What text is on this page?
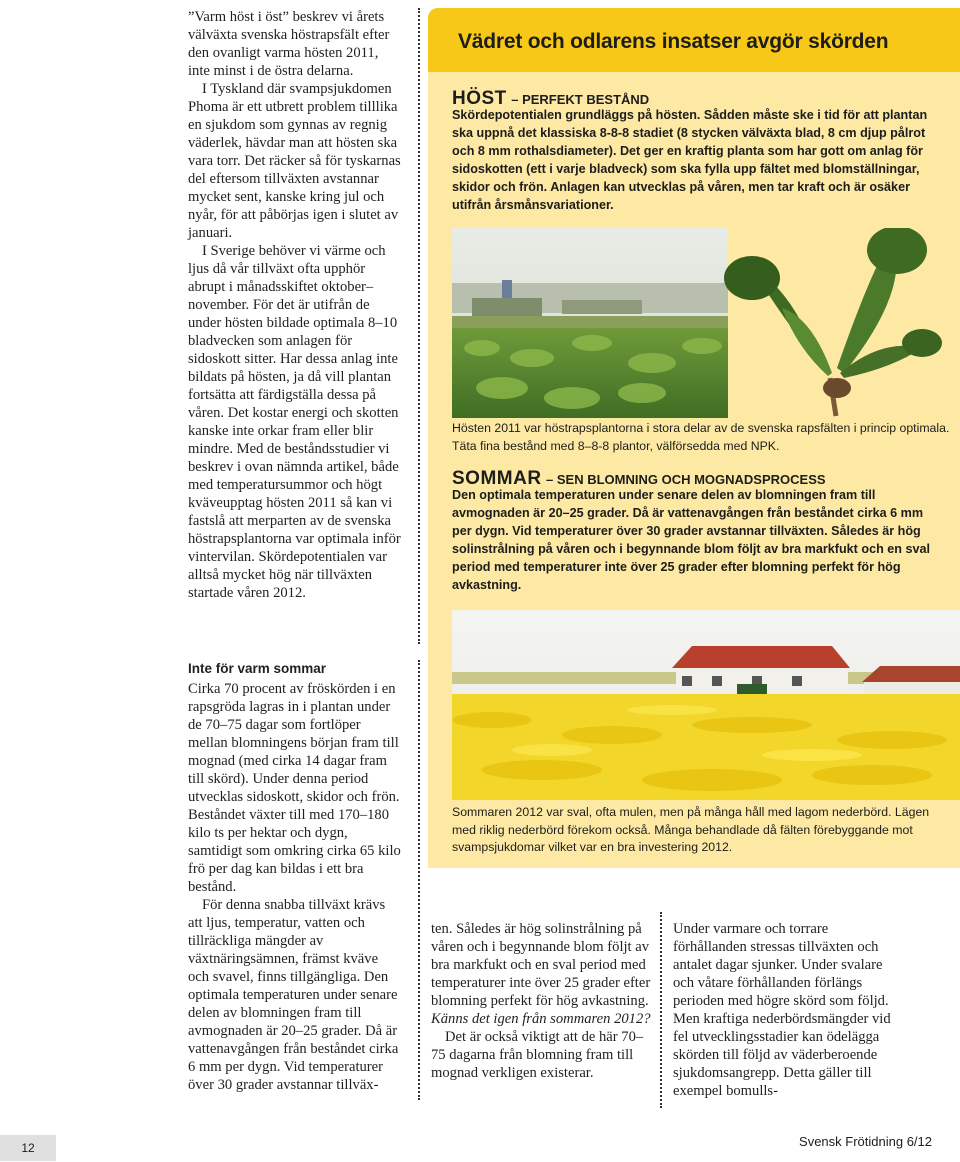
”Varm höst i öst” beskrev vi årets välväxta svenska höstrapsfält efter den ovanligt varma hösten 2011, inte minst i de östra delarna.

I Tyskland där svampsjukdomen Phoma är ett utbrett problem tilllika en sjukdom som gynnas av regnig väderlek, hävdar man att hösten ska vara torr. Det räcker så för tyskarnas del eftersom tillväxten avstannar mycket sent, kanske kring jul och nyår, för att påbörjas igen i slutet av januari.

I Sverige behöver vi värme och ljus då vår tillväxt ofta upphör abrupt i månadsskiftet oktober–november. För det är utifrån de under hösten bildade optimala 8–10 bladvecken som anlagen för sidoskott sitter. Har dessa anlag inte bildats på hösten, ja då vill plantan fortsätta att färdigställa dessa på våren. Det kostar energi och skotten kanske inte orkar fram eller blir mindre. Med de beståndsstudier vi beskrev i ovan nämnda artikel, både med temperatursummor och högt kväveupptag hösten 2011 så kan vi fastslå att merparten av de svenska höstrapsplantorna var optimala inför vintervilan. Skördepotentialen var alltså mycket hög när tillväxten startade våren 2012.

Inte för varm sommar

Cirka 70 procent av fröskörden i en rapsgröda lagras in i plantan under de 70–75 dagar som fortlöper mellan blomningens början fram till mognad (med cirka 14 dagar fram till skörd). Under denna period utvecklas sidoskott, skidor och frön. Beståndet växter till med 170–180 kilo ts per hektar och dygn, samtidigt som omkring cirka 65 kilo frö per dag kan bildas i ett bra bestånd.

För denna snabba tillväxt krävs att ljus, temperatur, vatten och tillräckliga mängder av växtnäringsämnen, främst kväve och svavel, finns tillgängliga. Den optimala temperaturen under senare delen av blomningen fram till avmognaden är 20–25 grader. Då är vattenavgången från beståndet cirka 6 mm per dygn. Vid temperaturer över 30 grader avstannar tillväx-

Vädret och odlarens insatser avgör skörden
HÖST – PERFEKT BESTÅND

Skördepotentialen grundläggs på hösten. Sådden måste ske i tid för att plantan ska uppnå det klassiska 8-8-8 stadiet (8 stycken välväxta blad, 8 cm djup pålrot och 8 mm rothalsdiameter). Det ger en kraftig planta som har gott om anlag för sidoskotten (ett i varje bladveck) som ska fylla upp fältet med blomställningar, skidor och frön. Anlagen kan utvecklas på våren, men tar kraft och är osäker utifrån årsmånsvariationer.

Hösten 2011 var höstrapsplantorna i stora delar av de svenska rapsfälten i princip optimala. Täta fina bestånd med 8–8-8 plantor, välförsedda med NPK.

SOMMAR – SEN BLOMNING OCH MOGNADSPROCESS

Den optimala temperaturen under senare delen av blomningen fram till avmognaden är 20–25 grader. Då är vattenavgången från beståndet cirka 6 mm per dygn. Vid temperaturer över 30 grader avstannar tillväxten. Således är hög solinstrålning på våren och i begynnande blom följt av bra markfukt och en sval period med temperaturer inte över 25 grader efter blomning perfekt för hög avkastning.

Sommaren 2012 var sval, ofta mulen, men på många håll med lagom nederbörd. Lägen med riklig nederbörd förekom också. Många behandlade då fälten förebyggande mot svampsjukdomar vilket var en bra investering 2012.

ten. Således är hög solinstrålning på våren och i begynnande blom följt av bra markfukt och en sval period med temperaturer inte över 25 grader efter blomning perfekt för hög avkastning. Känns det igen från sommaren 2012?

Det är också viktigt att de här 70–75 dagarna från blomning fram till mognad verkligen existerar.

Under varmare och torrare förhållanden stressas tillväxten och antalet dagar sjunker. Under svalare och våtare förhållanden förlängs perioden med högre skörd som följd. Men kraftiga nederbördsmängder vid fel utvecklingsstadier kan ödelägga skörden till följd av väderberoende sjukdomsangrepp. Detta gäller till exempel bomulls-

12	Svensk Frötidning 6/12
